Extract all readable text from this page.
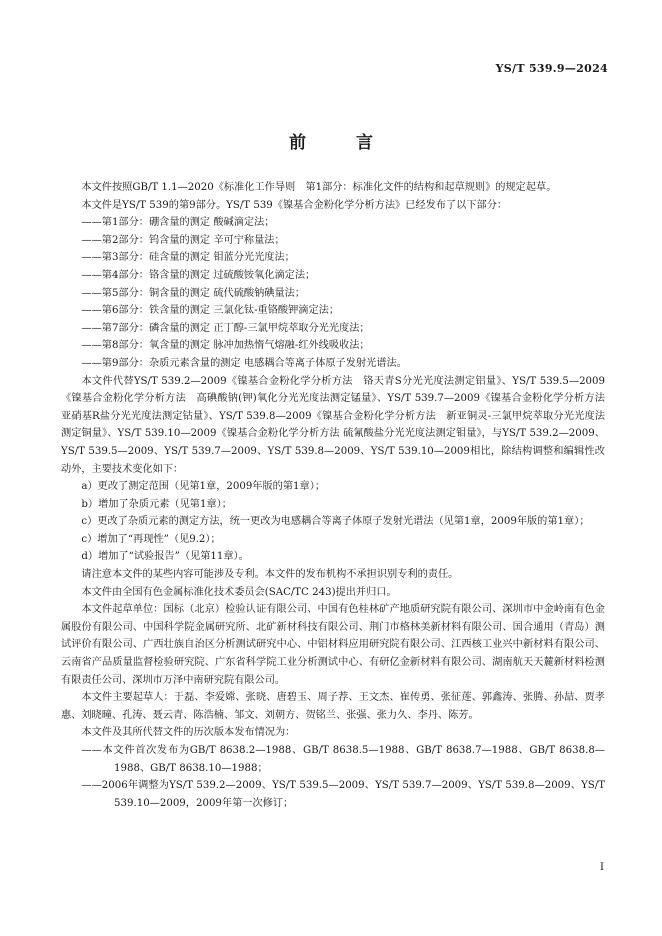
YS/T 539.9—2024
前 言

本文件按照GB/T 1.1—2020《标准化工作导则　第1部分：标准化文件的结构和起草规则》的规定起草。

本文件是YS/T 539的第9部分。YS/T 539《镍基合金粉化学分析方法》已经发布了以下部分：

——第1部分：硼含量的测定 酸碱滴定法；

——第2部分：钨含量的测定 辛可宁称量法；

——第3部分：硅含量的测定 钼蓝分光光度法；

——第4部分：铬含量的测定 过硫酸铵氧化滴定法；

——第5部分：铜含量的测定 硫代硫酸钠碘量法；

——第6部分：铁含量的测定 三氯化钛-重铬酸钾滴定法；

——第7部分：磷含量的测定 正丁醇-三氯甲烷萃取分光光度法；

——第8部分：氧含量的测定 脉冲加热惰气熔融-红外线吸收法；

——第9部分：杂质元素含量的测定 电感耦合等离子体原子发射光谱法。

本文件代替YS/T 539.2—2009《镍基合金粉化学分析方法　铬天青S分光光度法测定铝量》、YS/T 539.5—2009《镍基合金粉化学分析方法　高碘酸钠(钾)氧化分光光度法测定锰量》、YS/T 539.7—2009《镍基合金粉化学分析方法　亚硝基R盐分光光度法测定钴量》、YS/T 539.8—2009《镍基合金粉化学分析方法　新亚铜灵-三氯甲烷萃取分光光度法测定铜量》、YS/T 539.10—2009《镍基合金粉化学分析方法 硫氰酸盐分光光度法测定钼量》，与YS/T 539.2—2009、YS/T 539.5—2009、YS/T 539.7—2009、YS/T 539.8—2009、YS/T 539.10—2009相比，除结构调整和编辑性改动外，主要技术变化如下：

a）更改了测定范围（见第1章，2009年版的第1章）；

b）增加了杂质元素（见第1章）；

c）更改了杂质元素的测定方法，统一更改为电感耦合等离子体原子发射光谱法（见第1章，2009年版的第1章）；

c）增加了“再现性”（见9.2）；

d）增加了“试验报告”（见第11章）。

请注意本文件的某些内容可能涉及专利。本文件的发布机构不承担识别专利的责任。

本文件由全国有色金属标准化技术委员会(SAC/TC 243)提出并归口。

本文件起草单位：国标（北京）检验认证有限公司、中国有色桂林矿产地质研究院有限公司、深圳市中金岭南有色金属股份有限公司、中国科学院金属研究所、北矿新材科技有限公司、荆门市格林美新材料有限公司、国合通用（青岛）测试评价有限公司、广西壮族自治区分析测试研究中心、中铝材料应用研究院有限公司、江西核工业兴中新材料有限公司、云南省产品质量监督检验研究院、广东省科学院工业分析测试中心、有研亿金新材料有限公司、湖南航天天麓新材料检测有限责任公司、深圳市万泽中南研究院有限公司。

本文件主要起草人：于磊、李爱嫦、张晓、唐碧玉、周子荐、王文杰、崔传勇、张征莲、郭鑫涛、张腾、孙喆、贾孝惠、刘晓曈、孔涛、聂云青、陈浩楠、邹文、刘朝方、贺铭兰、张强、张力久、李丹、陈芳。

本文件及其所代替文件的历次版本发布情况为：

——本文件首次发布为GB/T 8638.2—1988、GB/T 8638.5—1988、GB/T 8638.7—1988、GB/T 8638.8—1988、GB/T 8638.10—1988；

——2006年调整为YS/T 539.2—2009、YS/T 539.5—2009、YS/T 539.7—2009、YS/T 539.8—2009、YS/T 539.10—2009，2009年第一次修订；

I
